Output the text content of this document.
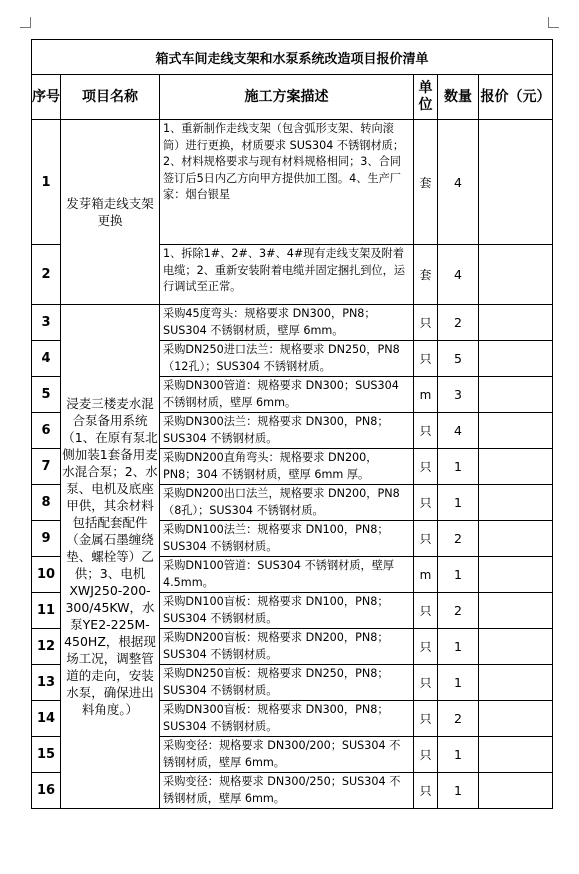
箱式车间走线支架和水泵系统改造项目报价清单					
序号	项目名称	施工方案描述	单位	数量	报价（元）
1	发芽箱走线支架更换	1、重新制作走线支架（包含弧形支架、转向滚筒）进行更换，材质要求 SUS304 不锈钢材质；2、材料规格要求与现有材料规格相同；3、合同签订后5日内乙方向甲方提供加工图。4、生产厂家：烟台银星	套	4	
2		1、拆除1#、2#、3#、4#现有走线支架及附着电缆；2、重新安装附着电缆并固定捆扎到位，运行调试至正常。	套	4	
3	浸麦三楼麦水混合泵备用系统（1、在原有泵北侧加装1套备用麦水混合泵；2、水泵、电机及底座甲供，其余材料包括配套配件（金属石墨缠绕垫、螺栓等）乙供；3、电机XWJ250-200-300/45KW，水泵YE2-225M-450HZ，根据现场工况，调整管道的走向，安装水泵，确保进出料角度。）	采购45度弯头：规格要求 DN300，PN8；SUS304 不锈钢材质，壁厚 6mm。	只	2	
4		采购DN250进口法兰：规格要求 DN250，PN8（12孔）；SUS304 不锈钢材质。	只	5	
5		采购DN300管道：规格要求 DN300；SUS304 不锈钢材质，壁厚 6mm。	m	3	
6		采购DN300法兰：规格要求 DN300，PN8；SUS304 不锈钢材质。	只	4	
7		采购DN200直角弯头：规格要求 DN200，PN8；304 不锈钢材质，壁厚 6mm 厚。	只	1	
8		采购DN200出口法兰，规格要求 DN200，PN8（8孔）；SUS304 不锈钢材质。	只	1	
9		采购DN100法兰：规格要求 DN100，PN8；SUS304 不锈钢材质。	只	2	
10		采购DN100管道：SUS304 不锈钢材质，壁厚 4.5mm。	m	1	
11		采购DN100盲板：规格要求 DN100，PN8；SUS304 不锈钢材质。	只	2	
12		采购DN200盲板：规格要求 DN200，PN8；SUS304 不锈钢材质。	只	1	
13		采购DN250盲板：规格要求 DN250，PN8；SUS304 不锈钢材质。	只	1	
14		采购DN300盲板：规格要求 DN300，PN8；SUS304 不锈钢材质。	只	2	
15		采购变径：规格要求 DN300/200；SUS304 不锈钢材质，壁厚 6mm。	只	1	
16		采购变径：规格要求 DN300/250；SUS304 不锈钢材质，壁厚 6mm。	只	1	
